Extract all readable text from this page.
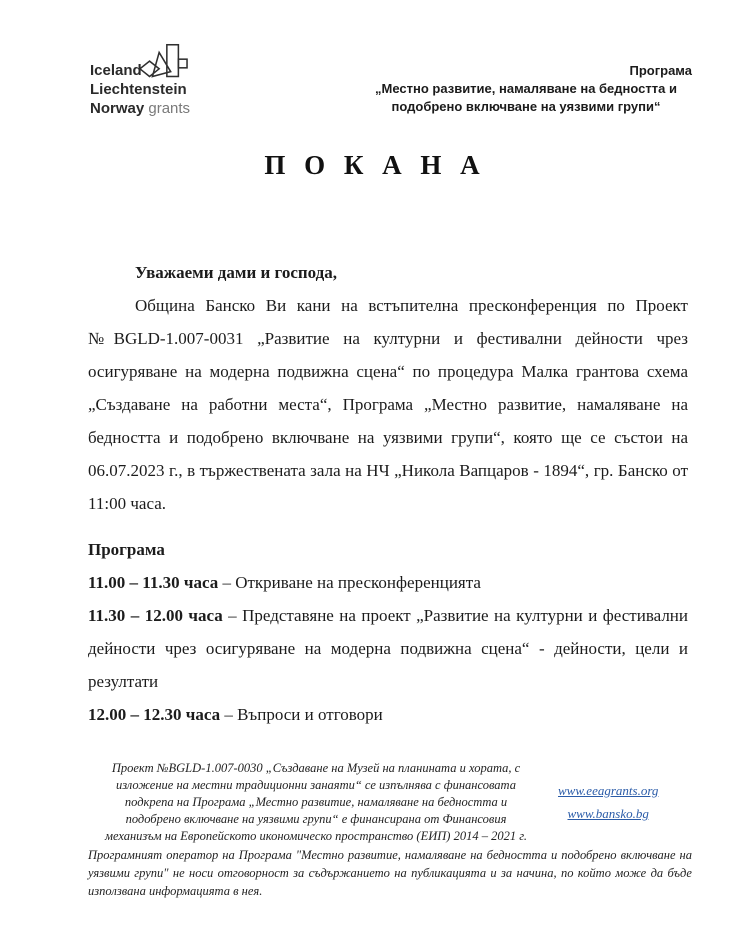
Iceland
Liechtenstein
Norway grants
Програма
„Местно развитие, намаляване на бедността и
подобрено включване на уязвими групи“
П О К А Н А

Уважаеми дами и господа,

Община Банско Ви кани на встъпителна пресконференция по Проект №BGLD-1.007-0031 „Развитие на културни и фестивални дейности чрез осигуряване на модерна подвижна сцена“ по процедура Малка грантова схема „Създаване на работни места“, Програма „Местно развитие, намаляване на бедността и подобрено включване на уязвими групи“, която ще се състои на 06.07.2023 г., в тържествената зала на НЧ „Никола Вапцаров - 1894“, гр. Банско от 11:00 часа.

Програма

11.00 – 11.30 часа – Откриване на пресконференцията

11.30 – 12.00 часа – Представяне на проект „Развитие на културни и фестивални дейности чрез осигуряване на модерна подвижна сцена“ - дейности, цели и резултати

12.00 – 12.30 часа – Въпроси и отговори

Проект №BGLD-1.007-0030 „Създаване на Музей на планината и хората, с изложение на местни традиционни занаяти“ се изпълнява с финансовата подкрепа на Програма „Местно развитие, намаляване на бедността и подобрено включване на уязвими групи“ е финансирана от Финансовия механизъм на Европейското икономическо пространство (ЕИП) 2014 – 2021 г.

www.eeagrants.org
www.bansko.bg

Програмният оператор на Програма "Местно развитие, намаляване на бедността и подобрено включване на уязвими групи" не носи отговорност за съдържанието на публикацията и за начина, по който може да бъде използвана информацията в нея.
